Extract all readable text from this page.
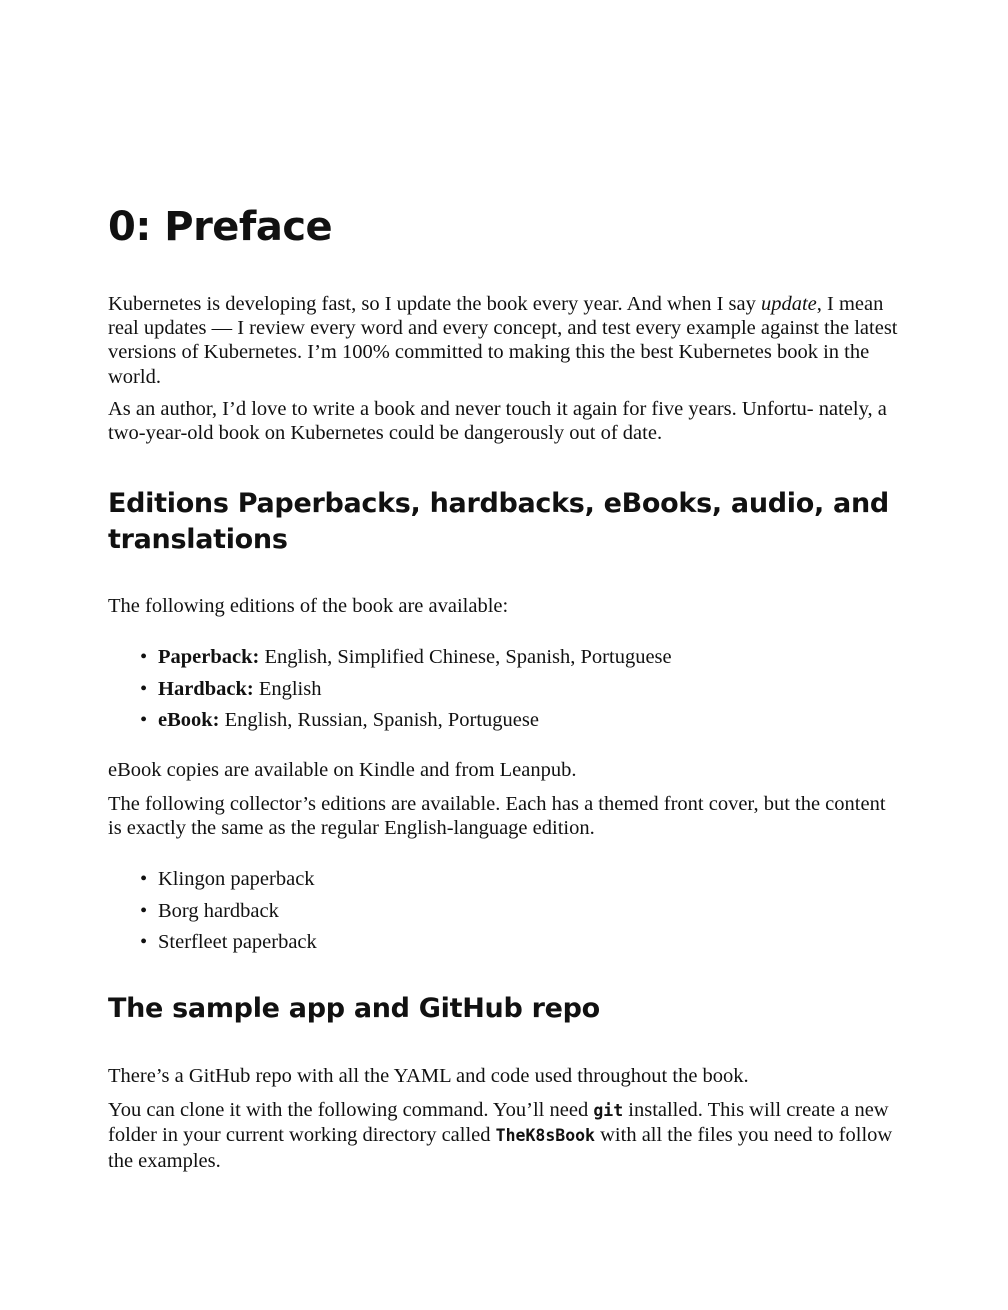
0: Preface

Kubernetes is developing fast, so I update the book every year. And when I say update, I mean real updates — I review every word and every concept, and test every example against the latest versions of Kubernetes. I’m 100% committed to making this the best Kubernetes book in the world.

As an author, I’d love to write a book and never touch it again for five years. Unfortu- nately, a two-year-old book on Kubernetes could be dangerously out of date.

Editions Paperbacks, hardbacks, eBooks, audio, and translations

The following editions of the book are available:

• Paperback: English, Simplified Chinese, Spanish, Portuguese
• Hardback: English
• eBook: English, Russian, Spanish, Portuguese

eBook copies are available on Kindle and from Leanpub.

The following collector’s editions are available. Each has a themed front cover, but the content is exactly the same as the regular English-language edition.

• Klingon paperback
• Borg hardback
• Sterfleet paperback
The sample app and GitHub repo

There’s a GitHub repo with all the YAML and code used throughout the book.

You can clone it with the following command. You’ll need git installed. This will create a new folder in your current working directory called TheK8sBook with all the files you need to follow the examples.
